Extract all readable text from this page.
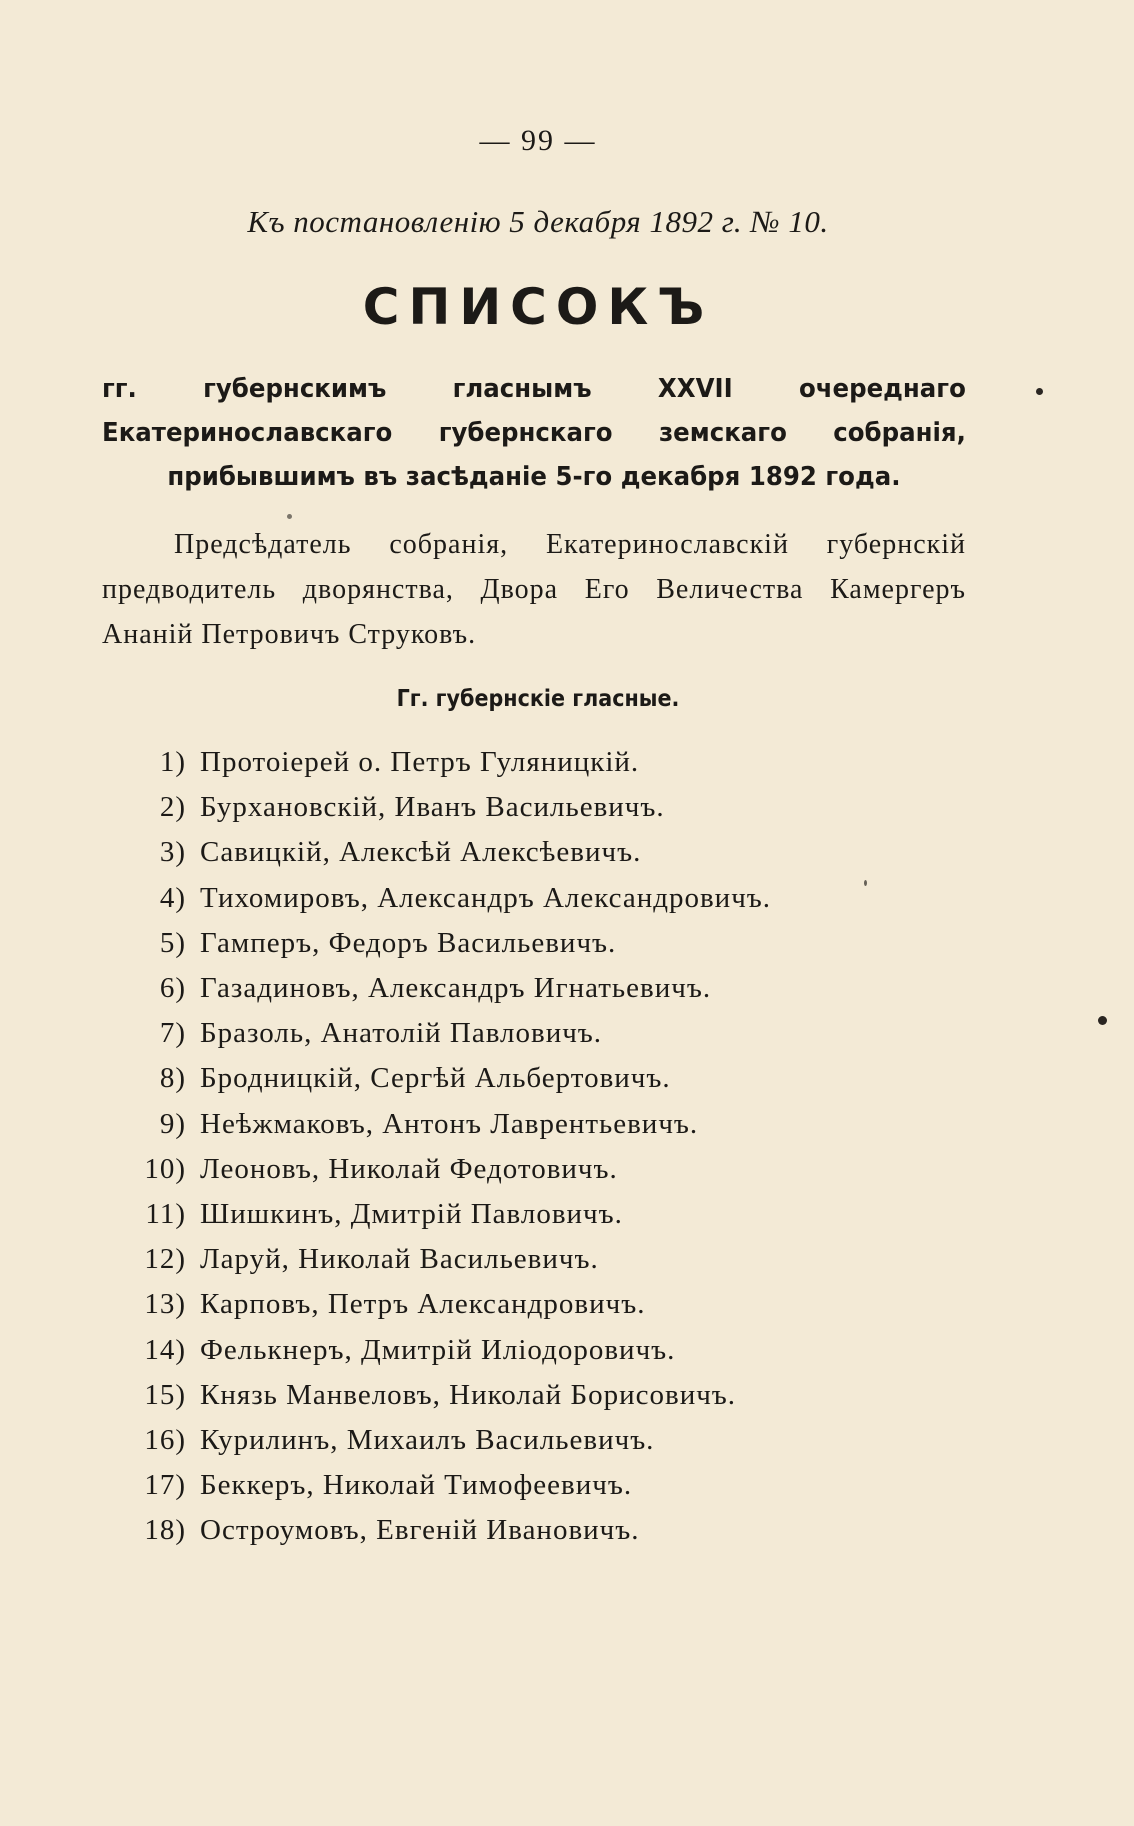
— 99 —
Къ постановленію 5 декабря 1892 г. № 10.
СПИСОКЪ
гг. губернскимъ гласнымъ XXVII очереднаго Екатеринославскаго губернскаго земскаго собранія, прибывшимъ въ засѣданіе 5-го декабря 1892 года.
Предсѣдатель собранія, Екатеринославскій губернскій предводитель дворянства, Двора Его Величества Камергеръ Ананій Петровичъ Струковъ.
Гг. губернскіе гласные.
1) Протоіерей о. Петръ Гуляницкій.
2) Бурхановскій, Иванъ Васильевичъ.
3) Савицкій, Алексѣй Алексѣевичъ.
4) Тихомировъ, Александръ Александровичъ.
5) Гамперъ, Федоръ Васильевичъ.
6) Газадиновъ, Александръ Игнатьевичъ.
7) Бразоль, Анатолій Павловичъ.
8) Бродницкій, Сергѣй Альбертовичъ.
9) Неѣжмаковъ, Антонъ Лаврентьевичъ.
10) Леоновъ, Николай Федотовичъ.
11) Шишкинъ, Дмитрій Павловичъ.
12) Ларуй, Николай Васильевичъ.
13) Карповъ, Петръ Александровичъ.
14) Фелькнеръ, Дмитрій Иліодоровичъ.
15) Князь Манвеловъ, Николай Борисовичъ.
16) Курилинъ, Михаилъ Васильевичъ.
17) Беккеръ, Николай Тимофеевичъ.
18) Остроумовъ, Евгеній Ивановичъ.
